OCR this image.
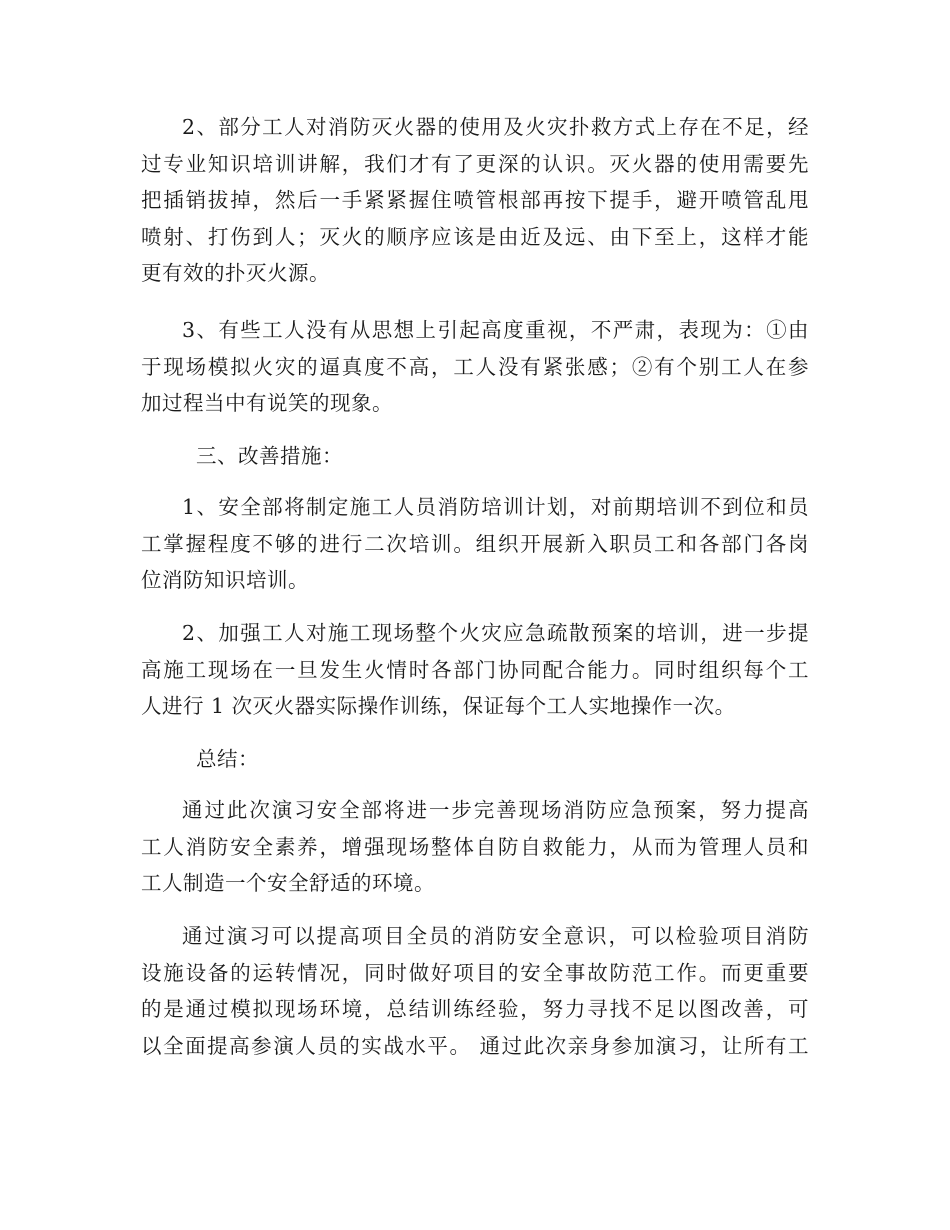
2、部分工人对消防灭火器的使用及火灾扑救方式上存在不足，经
过专业知识培训讲解，我们才有了更深的认识。灭火器的使用需要先
把插销拔掉，然后一手紧紧握住喷管根部再按下提手，避开喷管乱甩
喷射、打伤到人；灭火的顺序应该是由近及远、由下至上，这样才能
更有效的扑灭火源。
3、有些工人没有从思想上引起高度重视，不严肃，表现为：①由
于现场模拟火灾的逼真度不高，工人没有紧张感；②有个别工人在参
加过程当中有说笑的现象。
三、改善措施：
1、安全部将制定施工人员消防培训计划，对前期培训不到位和员
工掌握程度不够的进行二次培训。组织开展新入职员工和各部门各岗
位消防知识培训。
2、加强工人对施工现场整个火灾应急疏散预案的培训，进一步提
高施工现场在一旦发生火情时各部门协同配合能力。同时组织每个工
人进行 1 次灭火器实际操作训练，保证每个工人实地操作一次。
总结：
通过此次演习安全部将进一步完善现场消防应急预案，努力提高
工人消防安全素养，增强现场整体自防自救能力，从而为管理人员和
工人制造一个安全舒适的环境。
通过演习可以提高项目全员的消防安全意识，可以检验项目消防
设施设备的运转情况，同时做好项目的安全事故防范工作。而更重要
的是通过模拟现场环境，总结训练经验，努力寻找不足以图改善，可
以全面提高参演人员的实战水平。 通过此次亲身参加演习，让所有工
